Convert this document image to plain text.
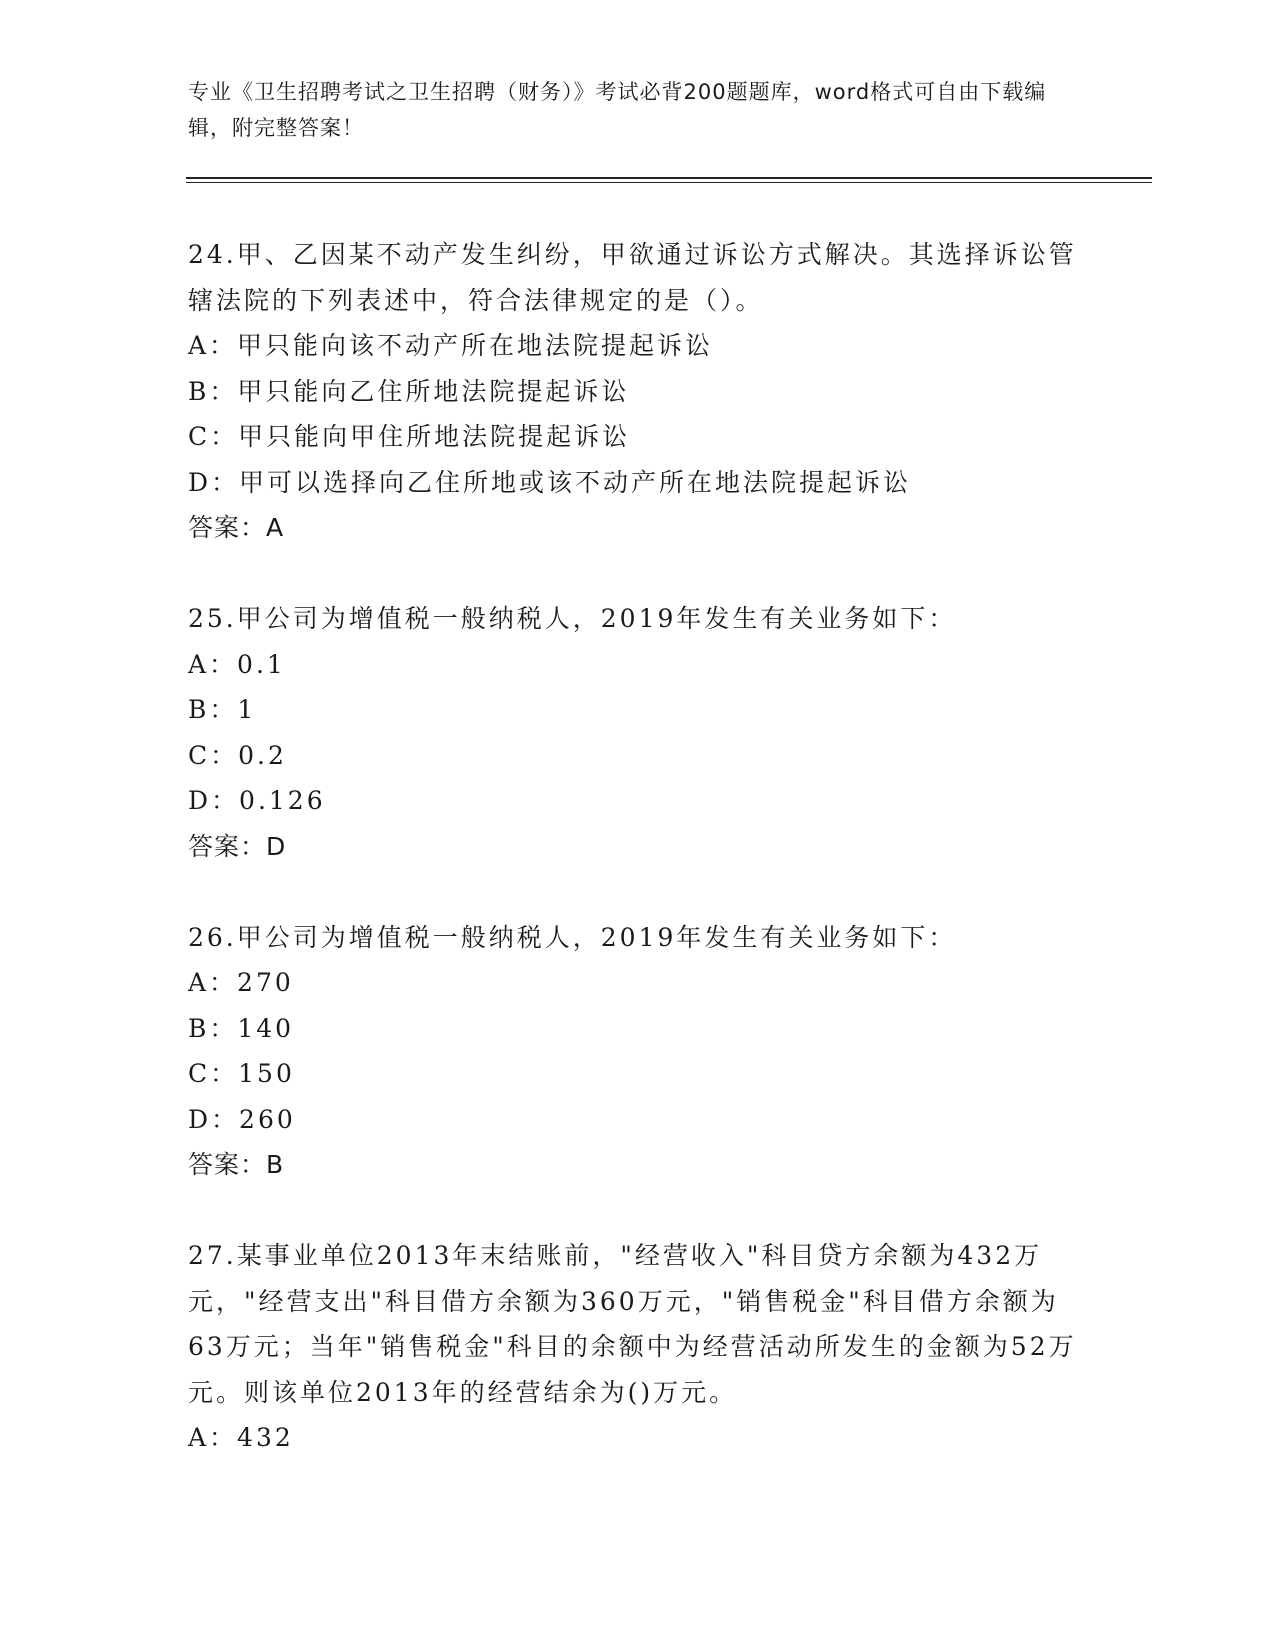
专业《卫生招聘考试之卫生招聘（财务）》考试必背200题题库，word格式可自由下载编辑，附完整答案！
24.甲、乙因某不动产发生纠纷，甲欲通过诉讼方式解决。其选择诉讼管辖法院的下列表述中，符合法律规定的是（）。
A：甲只能向该不动产所在地法院提起诉讼
B：甲只能向乙住所地法院提起诉讼
C：甲只能向甲住所地法院提起诉讼
D：甲可以选择向乙住所地或该不动产所在地法院提起诉讼
答案：A
25.甲公司为增值税一般纳税人，2019年发生有关业务如下：
A：0.1
B：1
C：0.2
D：0.126
答案：D
26.甲公司为增值税一般纳税人，2019年发生有关业务如下：
A：270
B：140
C：150
D：260
答案：B
27.某事业单位2013年末结账前，"经营收入"科目贷方余额为432万元，"经营支出"科目借方余额为360万元，"销售税金"科目借方余额为63万元；当年"销售税金"科目的余额中为经营活动所发生的金额为52万元。则该单位2013年的经营结余为()万元。
A：432
